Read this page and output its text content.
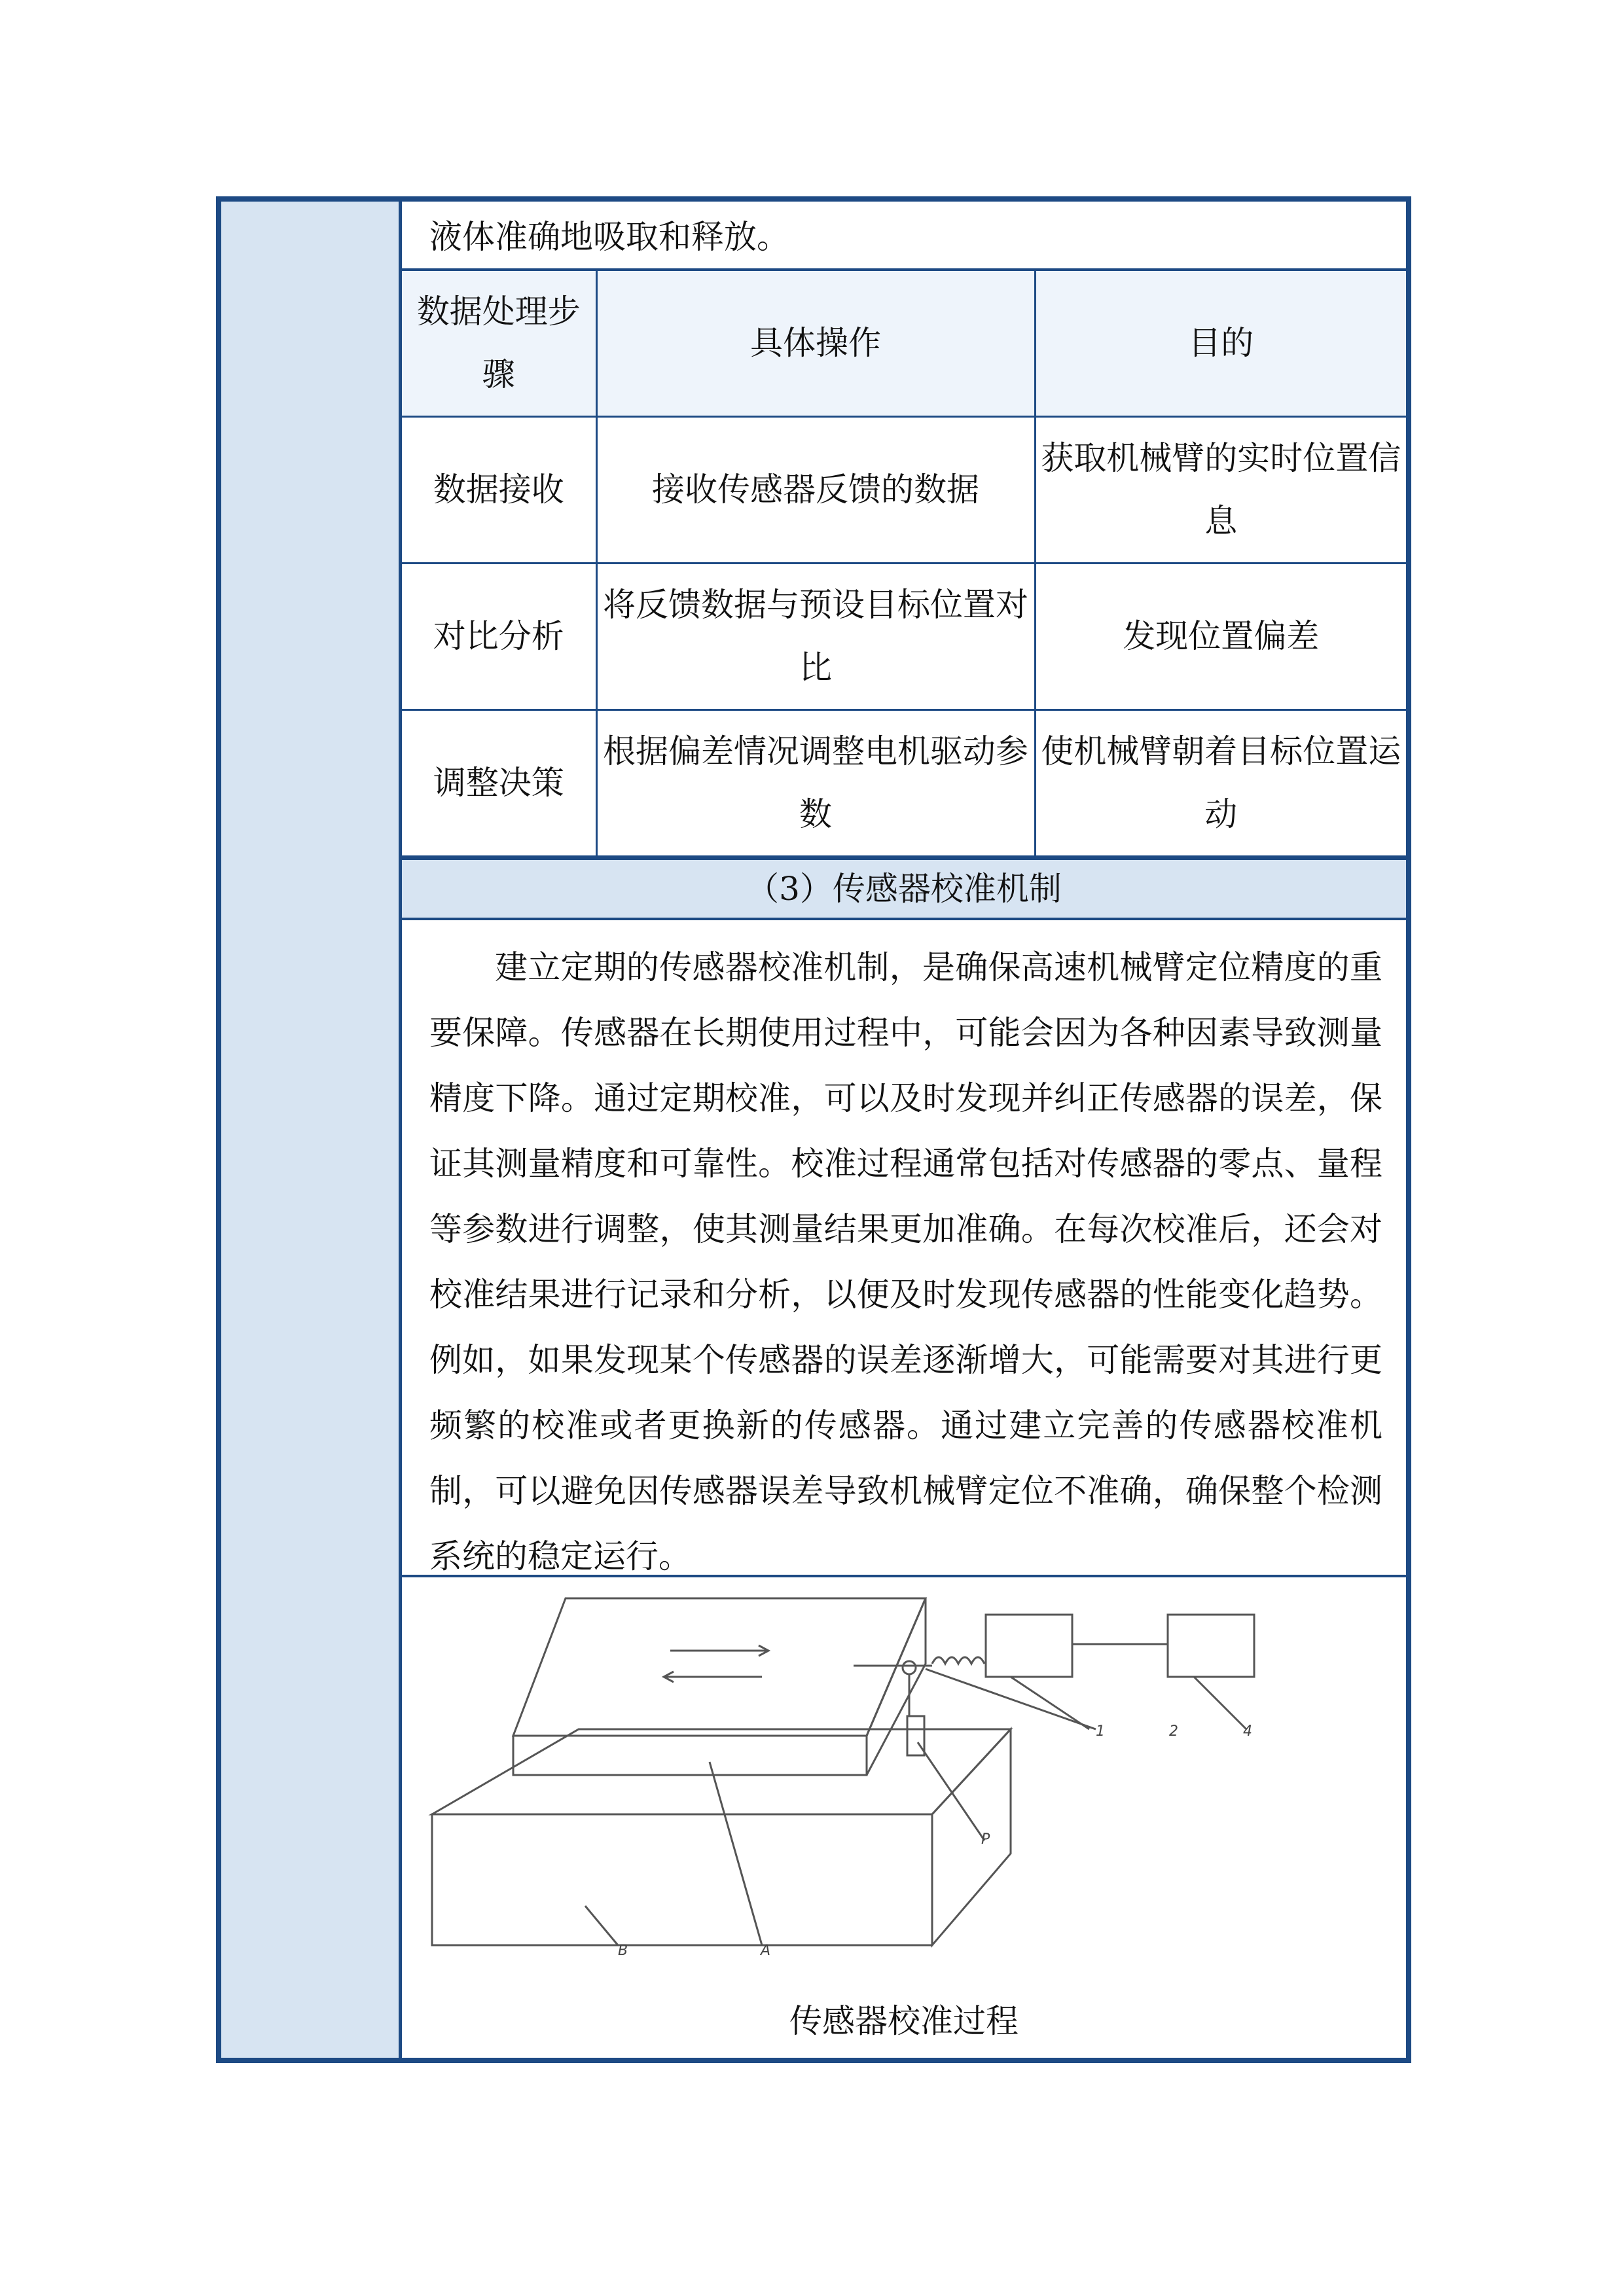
液体准确地吸取和释放。
数据处理步骤	具体操作	目的
数据接收	接收传感器反馈的数据	获取机械臂的实时位置信息
对比分析	将反馈数据与预设目标位置对比	发现位置偏差
调整决策	根据偏差情况调整电机驱动参数	使机械臂朝着目标位置运动
（3）传感器校准机制

建立定期的传感器校准机制，是确保高速机械臂定位精度的重要保障。传感器在长期使用过程中，可能会因为各种因素导致测量精度下降。通过定期校准，可以及时发现并纠正传感器的误差，保证其测量精度和可靠性。校准过程通常包括对传感器的零点、量程等参数进行调整，使其测量结果更加准确。在每次校准后，还会对校准结果进行记录和分析，以便及时发现传感器的性能变化趋势。例如，如果发现某个传感器的误差逐渐增大，可能需要对其进行更频繁的校准或者更换新的传感器。通过建立完善的传感器校准机制，可以避免因传感器误差导致机械臂定位不准确，确保整个检测系统的稳定运行。

1	2	4
P
B	A
传感器校准过程
